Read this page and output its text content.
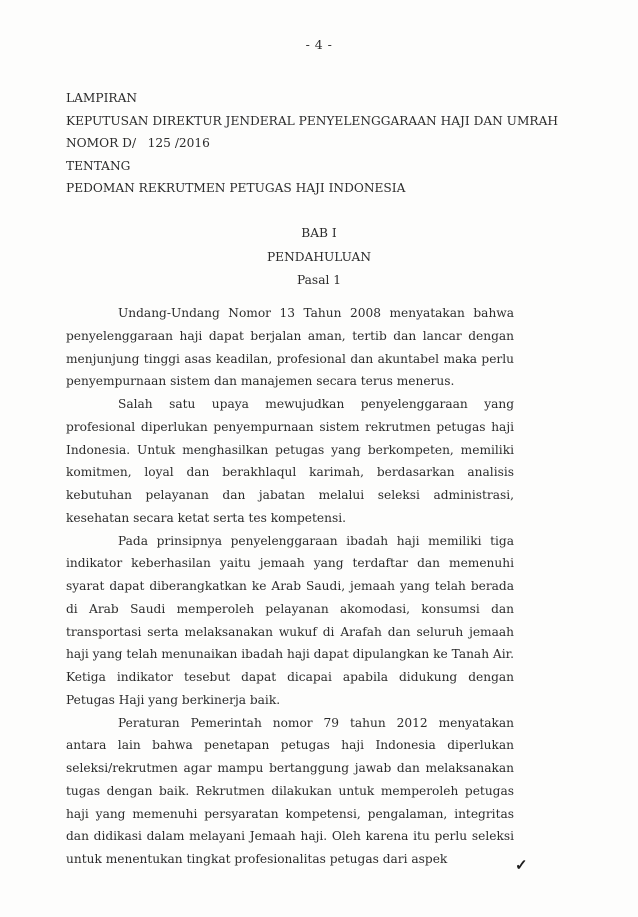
- 4 -
LAMPIRAN
KEPUTUSAN DIREKTUR JENDERAL PENYELENGGARAAN HAJI DAN UMRAH
NOMOR D/   125 /2016
TENTANG
PEDOMAN REKRUTMEN PETUGAS HAJI INDONESIA
BAB I
PENDAHULUAN
Pasal 1

Undang-Undang Nomor 13 Tahun 2008 menyatakan bahwa penyelenggaraan haji dapat berjalan aman, tertib dan lancar dengan menjunjung tinggi asas keadilan, profesional dan akuntabel maka perlu penyempurnaan sistem dan manajemen secara terus menerus.

Salah satu upaya mewujudkan penyelenggaraan yang profesional diperlukan penyempurnaan sistem rekrutmen petugas haji Indonesia. Untuk menghasilkan petugas yang berkompeten, memiliki komitmen, loyal dan berakhlaqul karimah, berdasarkan analisis kebutuhan pelayanan dan jabatan melalui seleksi administrasi, kesehatan secara ketat serta tes kompetensi.

Pada prinsipnya penyelenggaraan ibadah haji memiliki tiga indikator keberhasilan yaitu jemaah yang terdaftar dan memenuhi syarat dapat diberangkatkan ke Arab Saudi, jemaah yang telah berada di Arab Saudi memperoleh pelayanan akomodasi, konsumsi dan transportasi serta melaksanakan wukuf di Arafah dan seluruh jemaah haji yang telah menunaikan ibadah haji dapat dipulangkan ke Tanah Air. Ketiga indikator tesebut dapat dicapai apabila didukung dengan Petugas Haji yang berkinerja baik.

Peraturan Pemerintah nomor 79 tahun 2012 menyatakan antara lain bahwa penetapan petugas haji Indonesia diperlukan seleksi/rekrutmen agar mampu bertanggung jawab dan melaksanakan tugas dengan baik. Rekrutmen dilakukan untuk memperoleh petugas haji yang memenuhi persyaratan kompetensi, pengalaman, integritas dan didikasi dalam melayani Jemaah haji. Oleh karena itu perlu seleksi untuk menentukan tingkat profesionalitas petugas dari aspek	✓
